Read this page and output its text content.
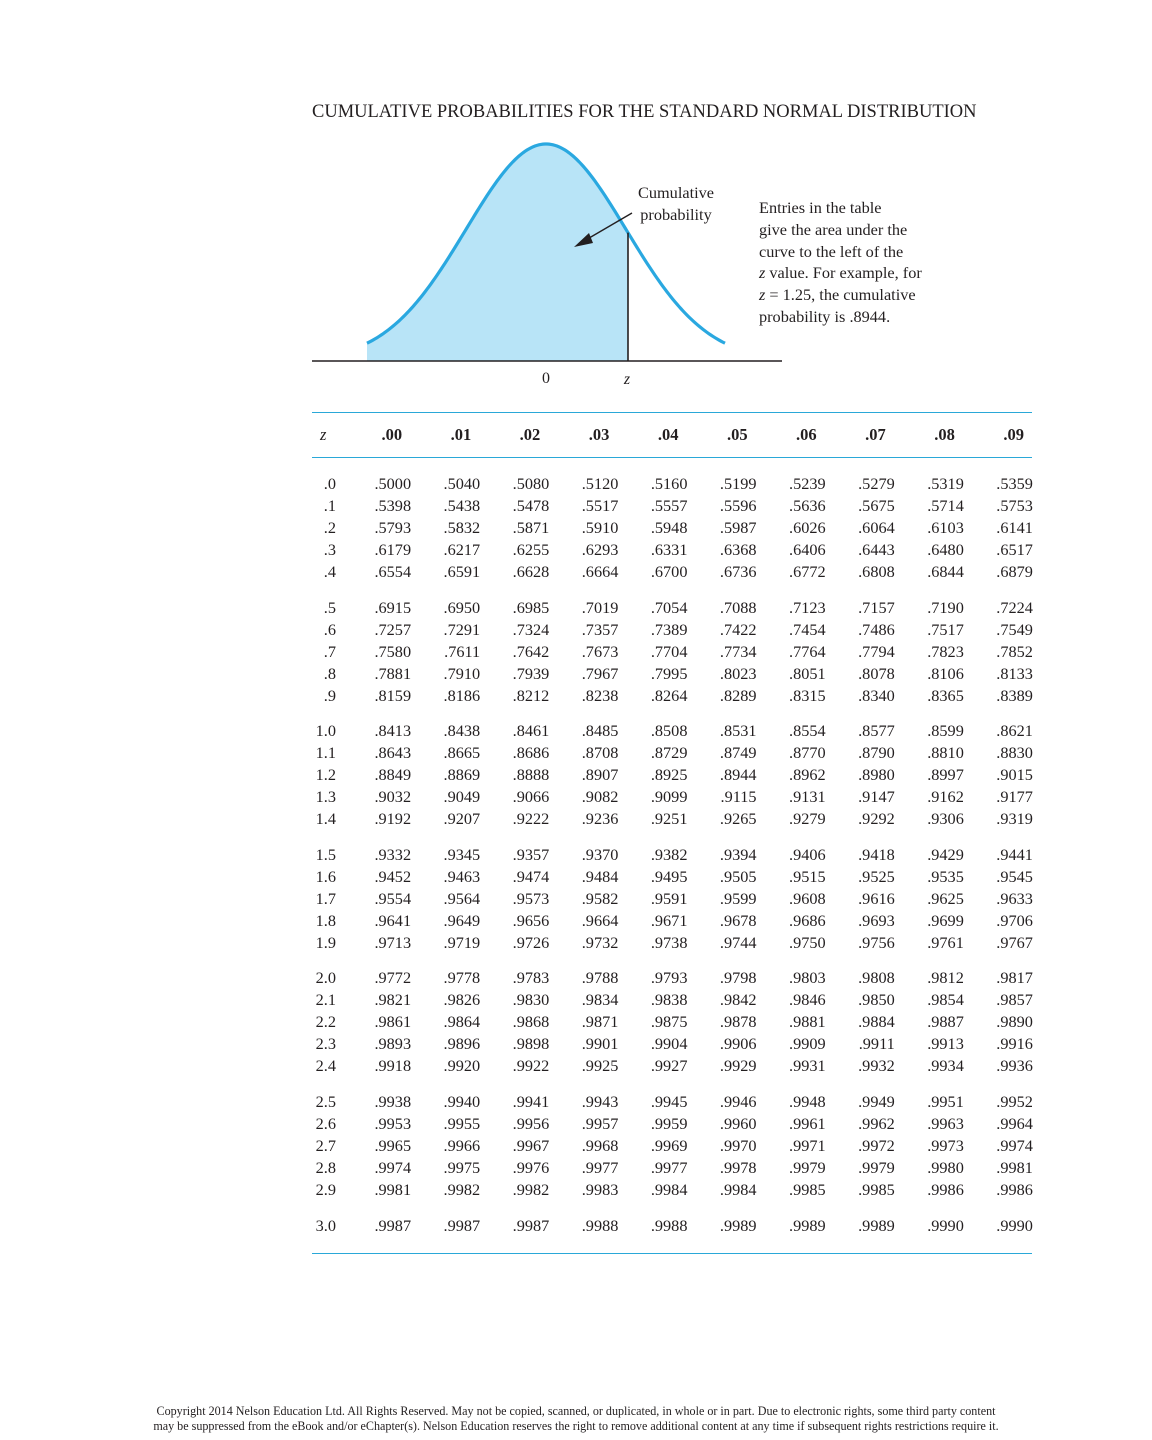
CUMULATIVE PROBABILITIES FOR THE STANDARD NORMAL DISTRIBUTION
Cumulative
probability
0	z
Entries in the table
give the area under the
curve to the left of the
z value. For example, for
z = 1.25, the cumulative
probability is .8944.
z	.00	.01	.02	.03	.04	.05	.06	.07	.08	.09
.0	.5000	.5040	.5080	.5120	.5160	.5199	.5239	.5279	.5319	.5359
.1	.5398	.5438	.5478	.5517	.5557	.5596	.5636	.5675	.5714	.5753
.2	.5793	.5832	.5871	.5910	.5948	.5987	.6026	.6064	.6103	.6141
.3	.6179	.6217	.6255	.6293	.6331	.6368	.6406	.6443	.6480	.6517
.4	.6554	.6591	.6628	.6664	.6700	.6736	.6772	.6808	.6844	.6879
.5	.6915	.6950	.6985	.7019	.7054	.7088	.7123	.7157	.7190	.7224
.6	.7257	.7291	.7324	.7357	.7389	.7422	.7454	.7486	.7517	.7549
.7	.7580	.7611	.7642	.7673	.7704	.7734	.7764	.7794	.7823	.7852
.8	.7881	.7910	.7939	.7967	.7995	.8023	.8051	.8078	.8106	.8133
.9	.8159	.8186	.8212	.8238	.8264	.8289	.8315	.8340	.8365	.8389
1.0	.8413	.8438	.8461	.8485	.8508	.8531	.8554	.8577	.8599	.8621
1.1	.8643	.8665	.8686	.8708	.8729	.8749	.8770	.8790	.8810	.8830
1.2	.8849	.8869	.8888	.8907	.8925	.8944	.8962	.8980	.8997	.9015
1.3	.9032	.9049	.9066	.9082	.9099	.9115	.9131	.9147	.9162	.9177
1.4	.9192	.9207	.9222	.9236	.9251	.9265	.9279	.9292	.9306	.9319
1.5	.9332	.9345	.9357	.9370	.9382	.9394	.9406	.9418	.9429	.9441
1.6	.9452	.9463	.9474	.9484	.9495	.9505	.9515	.9525	.9535	.9545
1.7	.9554	.9564	.9573	.9582	.9591	.9599	.9608	.9616	.9625	.9633
1.8	.9641	.9649	.9656	.9664	.9671	.9678	.9686	.9693	.9699	.9706
1.9	.9713	.9719	.9726	.9732	.9738	.9744	.9750	.9756	.9761	.9767
2.0	.9772	.9778	.9783	.9788	.9793	.9798	.9803	.9808	.9812	.9817
2.1	.9821	.9826	.9830	.9834	.9838	.9842	.9846	.9850	.9854	.9857
2.2	.9861	.9864	.9868	.9871	.9875	.9878	.9881	.9884	.9887	.9890
2.3	.9893	.9896	.9898	.9901	.9904	.9906	.9909	.9911	.9913	.9916
2.4	.9918	.9920	.9922	.9925	.9927	.9929	.9931	.9932	.9934	.9936
2.5	.9938	.9940	.9941	.9943	.9945	.9946	.9948	.9949	.9951	.9952
2.6	.9953	.9955	.9956	.9957	.9959	.9960	.9961	.9962	.9963	.9964
2.7	.9965	.9966	.9967	.9968	.9969	.9970	.9971	.9972	.9973	.9974
2.8	.9974	.9975	.9976	.9977	.9977	.9978	.9979	.9979	.9980	.9981
2.9	.9981	.9982	.9982	.9983	.9984	.9984	.9985	.9985	.9986	.9986
3.0	.9987	.9987	.9987	.9988	.9988	.9989	.9989	.9989	.9990	.9990
Copyright 2014 Nelson Education Ltd. All Rights Reserved. May not be copied, scanned, or duplicated, in whole or in part. Due to electronic rights, some third party content
may be suppressed from the eBook and/or eChapter(s). Nelson Education reserves the right to remove additional content at any time if subsequent rights restrictions require it.
